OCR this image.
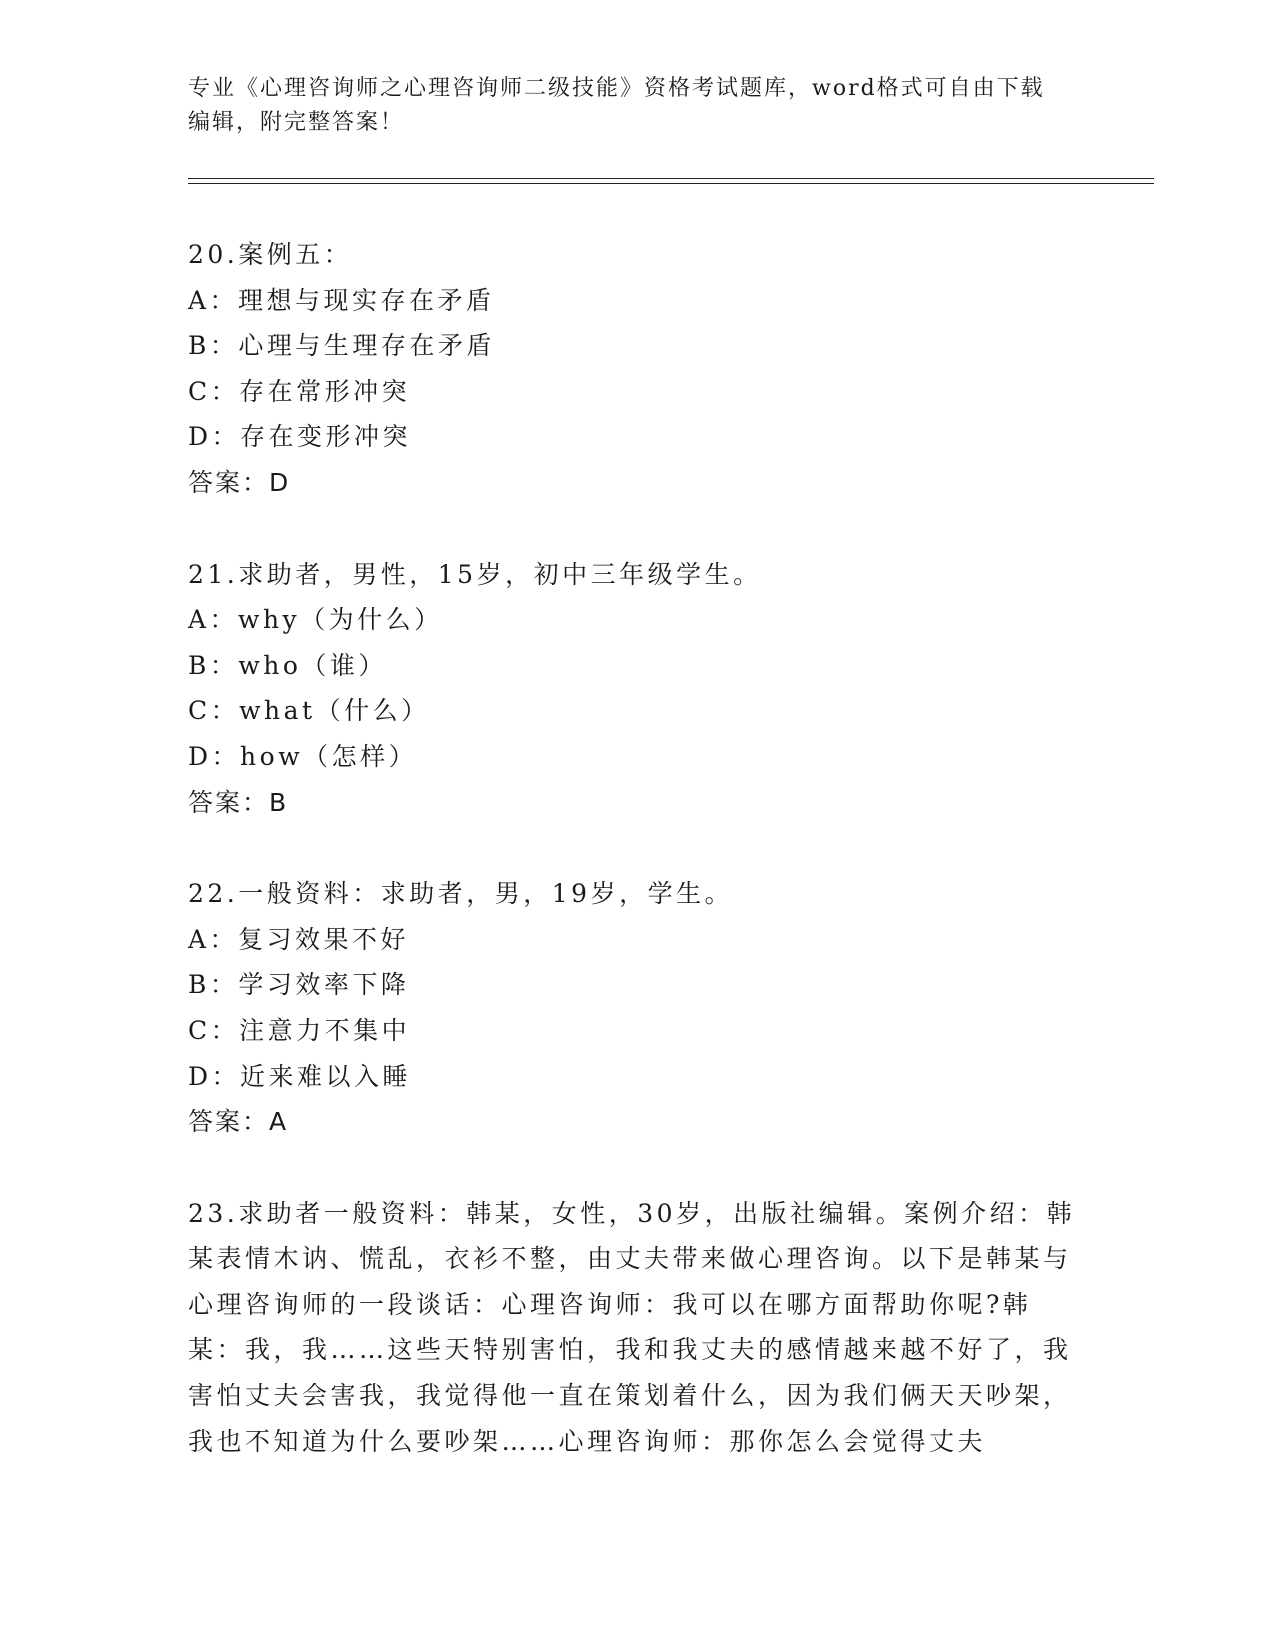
专业《心理咨询师之心理咨询师二级技能》资格考试题库，word格式可自由下载编辑，附完整答案！
20.案例五：
A：理想与现实存在矛盾
B：心理与生理存在矛盾
C：存在常形冲突
D：存在变形冲突
答案：D
21.求助者，男性，15岁，初中三年级学生。
A：why（为什么）
B：who（谁）
C：what（什么）
D：how（怎样）
答案：B
22.一般资料：求助者，男，19岁，学生。
A：复习效果不好
B：学习效率下降
C：注意力不集中
D：近来难以入睡
答案：A
23.求助者一般资料：韩某，女性，30岁，出版社编辑。案例介绍：韩某表情木讷、慌乱，衣衫不整，由丈夫带来做心理咨询。以下是韩某与心理咨询师的一段谈话：心理咨询师：我可以在哪方面帮助你呢?韩某：我，我……这些天特别害怕，我和我丈夫的感情越来越不好了，我害怕丈夫会害我，我觉得他一直在策划着什么，因为我们俩天天吵架，我也不知道为什么要吵架……心理咨询师：那你怎么会觉得丈夫
